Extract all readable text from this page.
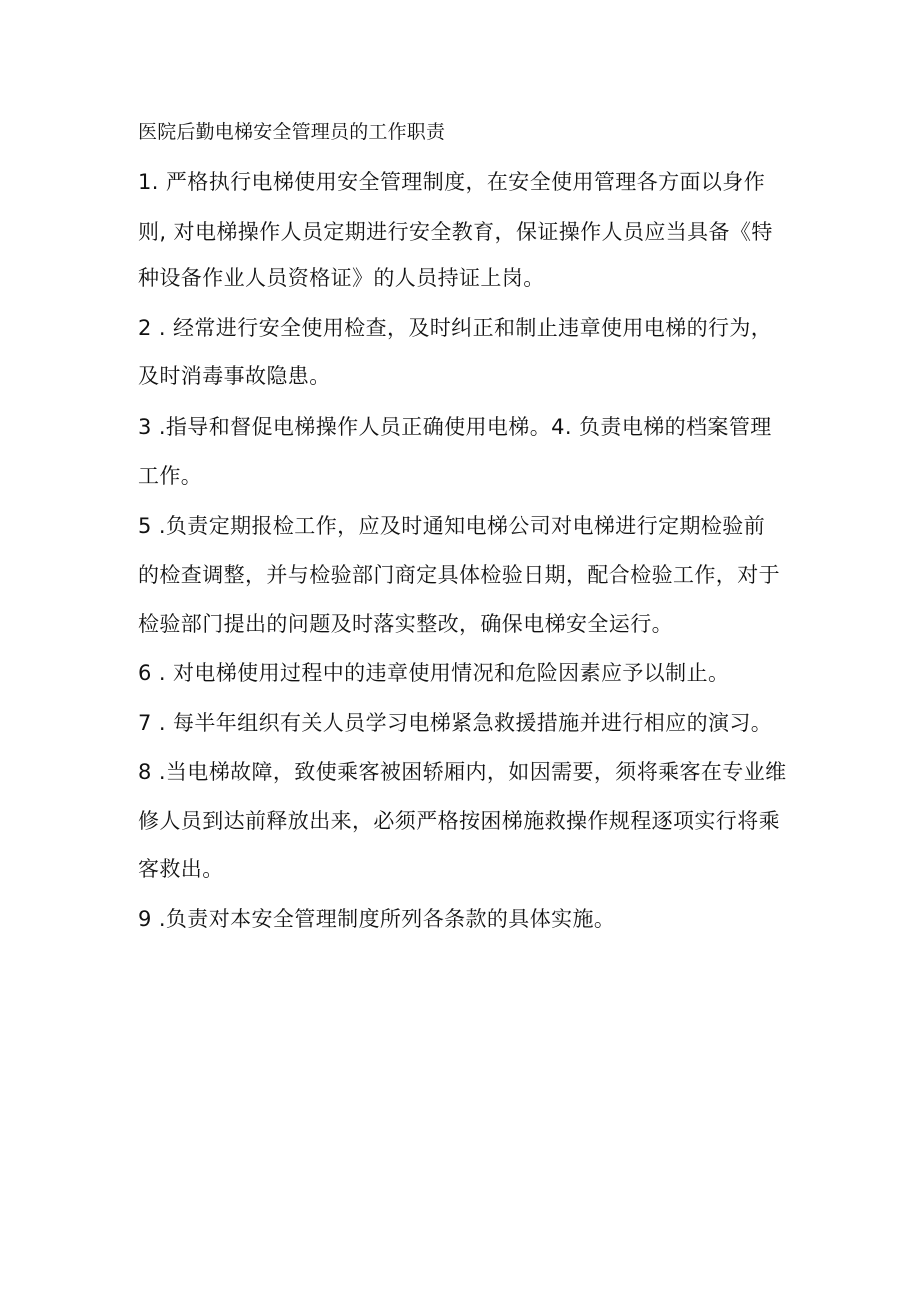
医院后勤电梯安全管理员的工作职责

1. 严格执行电梯使用安全管理制度，在安全使用管理各方面以身作

则, 对电梯操作人员定期进行安全教育，保证操作人员应当具备《特

种设备作业人员资格证》的人员持证上岗。

2 . 经常进行安全使用检查，及时纠正和制止违章使用电梯的行为，

及时消毒事故隐患。

3 .指导和督促电梯操作人员正确使用电梯。4. 负责电梯的档案管理

工作。

5 .负责定期报检工作，应及时通知电梯公司对电梯进行定期检验前

的检查调整，并与检验部门商定具体检验日期，配合检验工作，对于

检验部门提出的问题及时落实整改，确保电梯安全运行。

6 . 对电梯使用过程中的违章使用情况和危险因素应予以制止。

7 . 每半年组织有关人员学习电梯紧急救援措施并进行相应的演习。

8 .当电梯故障，致使乘客被困轿厢内，如因需要，须将乘客在专业维

修人员到达前释放出来，必须严格按困梯施救操作规程逐项实行将乘

客救出。

9 .负责对本安全管理制度所列各条款的具体实施。
